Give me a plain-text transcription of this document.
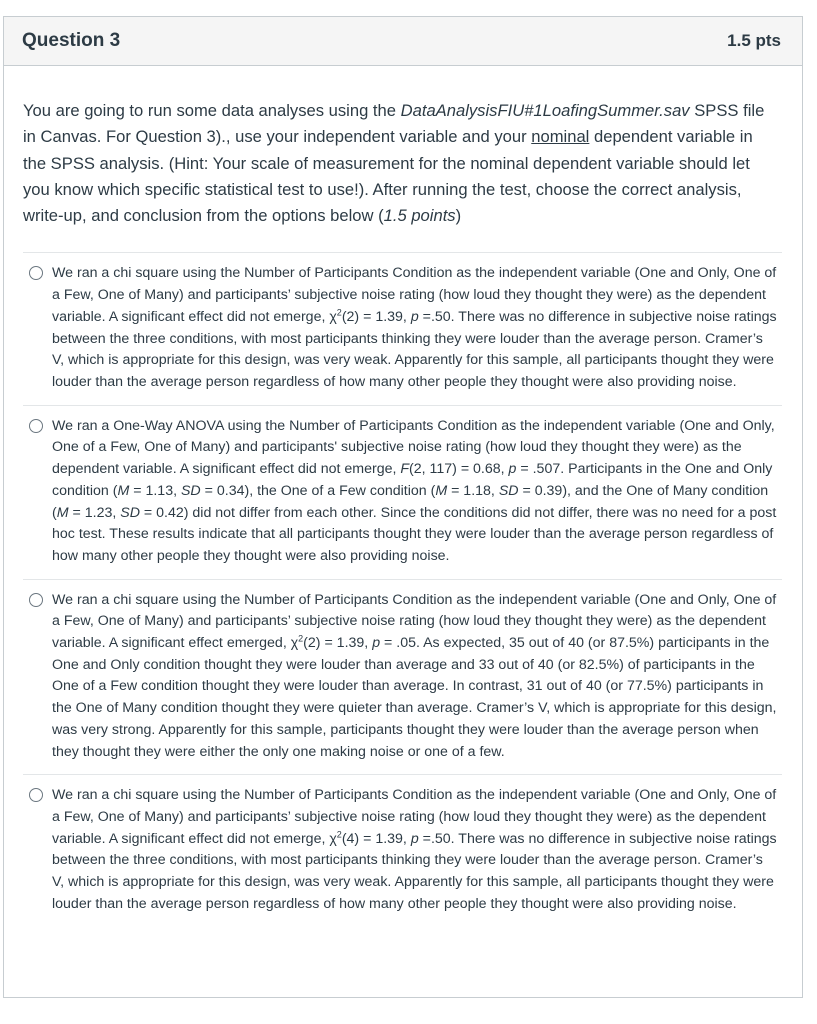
Question 3	1.5 pts
You are going to run some data analyses using the DataAnalysisFIU#1LoafingSummer.sav SPSS file in Canvas. For Question 3)., use your independent variable and your nominal dependent variable in the SPSS analysis. (Hint: Your scale of measurement for the nominal dependent variable should let you know which specific statistical test to use!). After running the test, choose the correct analysis, write-up, and conclusion from the options below (1.5 points)
We ran a chi square using the Number of Participants Condition as the independent variable (One and Only, One of a Few, One of Many) and participants’ subjective noise rating (how loud they thought they were) as the dependent variable. A significant effect did not emerge, $\chi^2(2) = 1.39$, p =.50. There was no difference in subjective noise ratings between the three conditions, with most participants thinking they were louder than the average person. Cramer’s V, which is appropriate for this design, was very weak. Apparently for this sample, all participants thought they were louder than the average person regardless of how many other people they thought were also providing noise.
We ran a One-Way ANOVA using the Number of Participants Condition as the independent variable (One and Only, One of a Few, One of Many) and participants' subjective noise rating (how loud they thought they were) as the dependent variable. A significant effect did not emerge, F(2, 117) = 0.68, p = .507. Participants in the One and Only condition (M = 1.13, SD = 0.34), the One of a Few condition (M = 1.18, SD = 0.39), and the One of Many condition (M = 1.23, SD = 0.42) did not differ from each other. Since the conditions did not differ, there was no need for a post hoc test. These results indicate that all participants thought they were louder than the average person regardless of how many other people they thought were also providing noise.
We ran a chi square using the Number of Participants Condition as the independent variable (One and Only, One of a Few, One of Many) and participants’ subjective noise rating (how loud they thought they were) as the dependent variable. A significant effect emerged, $\chi^2(2) = 1.39$, p = .05. As expected, 35 out of 40 (or 87.5%) participants in the One and Only condition thought they were louder than average and 33 out of 40 (or 82.5%) of participants in the One of a Few condition thought they were louder than average. In contrast, 31 out of 40 (or 77.5%) participants in the One of Many condition thought they were quieter than average. Cramer’s V, which is appropriate for this design, was very strong. Apparently for this sample, participants thought they were louder than the average person when they thought they were either the only one making noise or one of a few.
We ran a chi square using the Number of Participants Condition as the independent variable (One and Only, One of a Few, One of Many) and participants’ subjective noise rating (how loud they thought they were) as the dependent variable. A significant effect did not emerge, $\chi^2(4) = 1.39$, p =.50. There was no difference in subjective noise ratings between the three conditions, with most participants thinking they were louder than the average person. Cramer’s V, which is appropriate for this design, was very weak. Apparently for this sample, all participants thought they were louder than the average person regardless of how many other people they thought were also providing noise.
